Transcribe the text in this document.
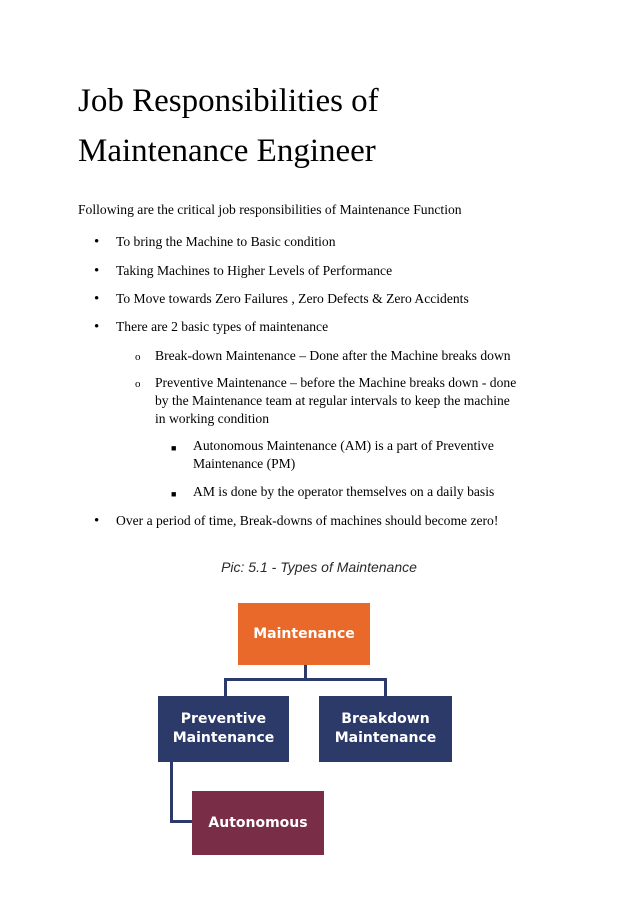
Job Responsibilities of
Maintenance Engineer

Following are the critical job responsibilities of Maintenance Function

• To bring the Machine to Basic condition
• Taking Machines to Higher Levels of Performance
• To Move towards Zero Failures , Zero Defects & Zero Accidents
• There are 2 basic types of maintenance
o Break-down Maintenance – Done after the Machine breaks down
o Preventive Maintenance – before the Machine breaks down - done
by the Maintenance team at regular intervals to keep the machine
in working condition
■ Autonomous Maintenance (AM) is a part of Preventive
Maintenance (PM)
■ AM is done by the operator themselves on a daily basis
• Over a period of time, Break-downs of machines should become zero!
Pic: 5.1 - Types of Maintenance
Maintenance
Preventive
Maintenance
Breakdown
Maintenance
Autonomous
